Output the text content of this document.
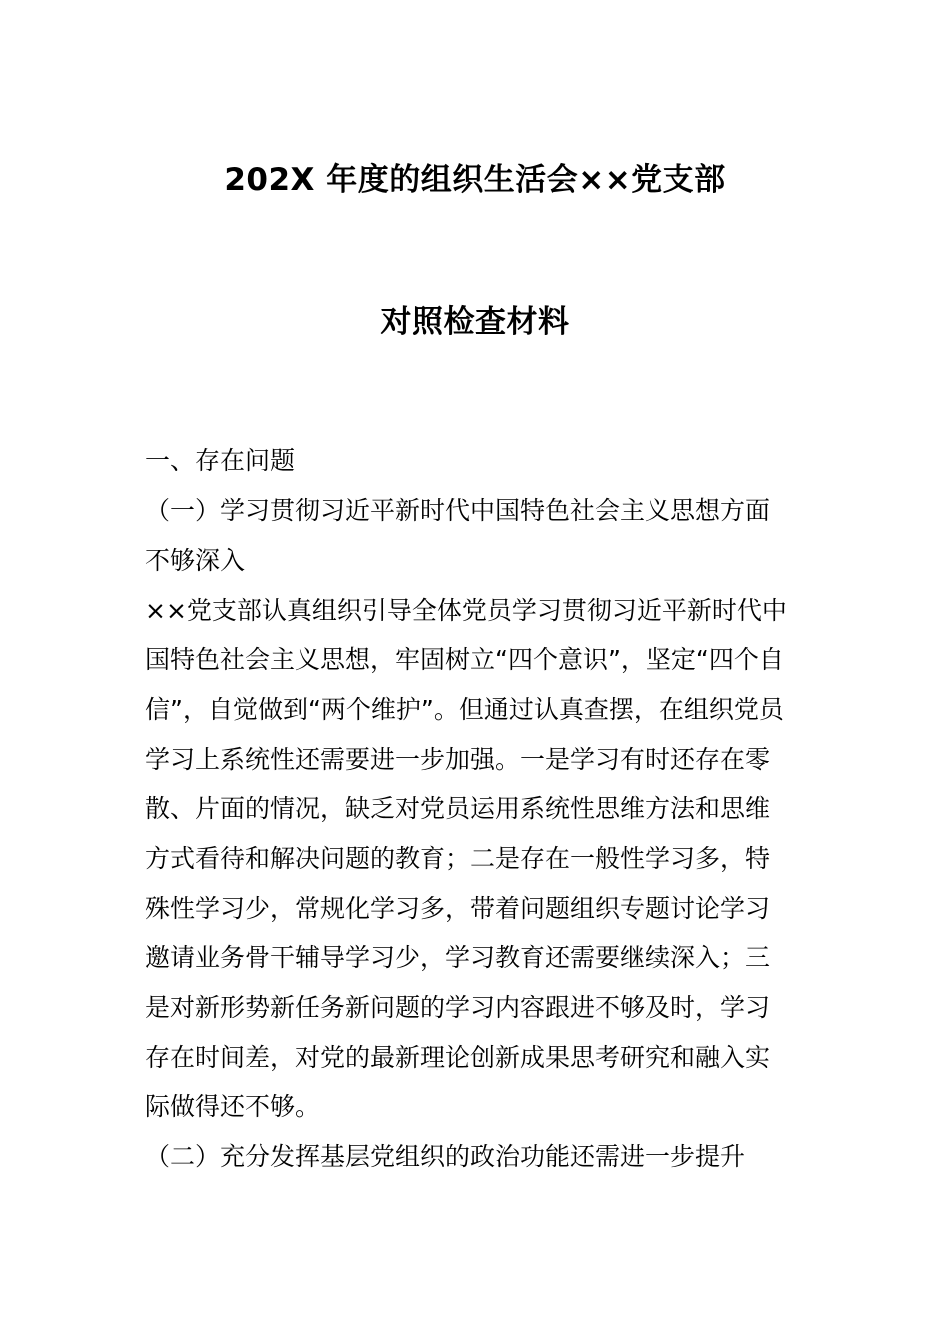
202X 年度的组织生活会××党支部
对照检查材料
一、存在问题
（一）学习贯彻习近平新时代中国特色社会主义思想方面
不够深入
××党支部认真组织引导全体党员学习贯彻习近平新时代中
国特色社会主义思想，牢固树立“四个意识”，坚定“四个自
信”，自觉做到“两个维护”。但通过认真查摆，在组织党员
学习上系统性还需要进一步加强。一是学习有时还存在零
散、片面的情况，缺乏对党员运用系统性思维方法和思维
方式看待和解决问题的教育；二是存在一般性学习多，特
殊性学习少，常规化学习多，带着问题组织专题讨论学习
邀请业务骨干辅导学习少，学习教育还需要继续深入；三
是对新形势新任务新问题的学习内容跟进不够及时，学习
存在时间差，对党的最新理论创新成果思考研究和融入实
际做得还不够。
（二）充分发挥基层党组织的政治功能还需进一步提升
